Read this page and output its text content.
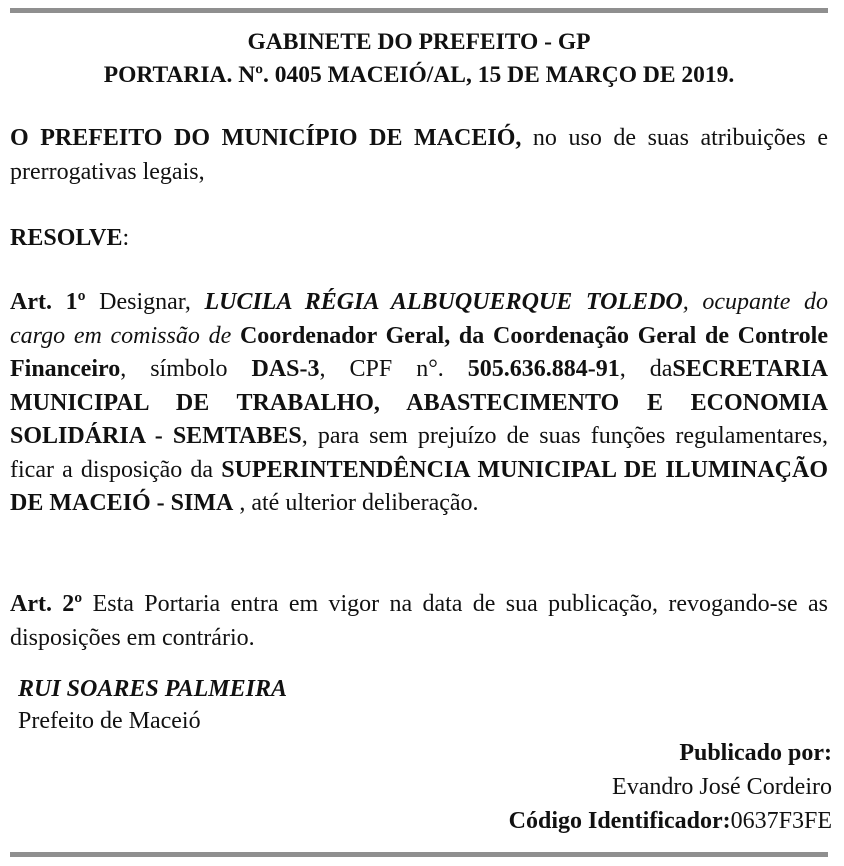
GABINETE DO PREFEITO - GP
PORTARIA. Nº. 0405 MACEIÓ/AL, 15 DE MARÇO DE 2019.
O PREFEITO DO MUNICÍPIO DE MACEIÓ, no uso de suas atribuições e prerrogativas legais,
RESOLVE:
Art. 1º Designar, LUCILA RÉGIA ALBUQUERQUE TOLEDO, ocupante do cargo em comissão de Coordenador Geral, da Coordenação Geral de Controle Financeiro, símbolo DAS-3, CPF n°. 505.636.884-91, daSECRETARIA MUNICIPAL DE TRABALHO, ABASTECIMENTO E ECONOMIA SOLIDÁRIA - SEMTABES, para sem prejuízo de suas funções regulamentares, ficar a disposição da SUPERINTENDÊNCIA MUNICIPAL DE ILUMINAÇÃO DE MACEIÓ - SIMA , até ulterior deliberação.
Art. 2º Esta Portaria entra em vigor na data de sua publicação, revogando-se as disposições em contrário.
RUI SOARES PALMEIRA
Prefeito de Maceió
Publicado por:
Evandro José Cordeiro
Código Identificador:0637F3FE
